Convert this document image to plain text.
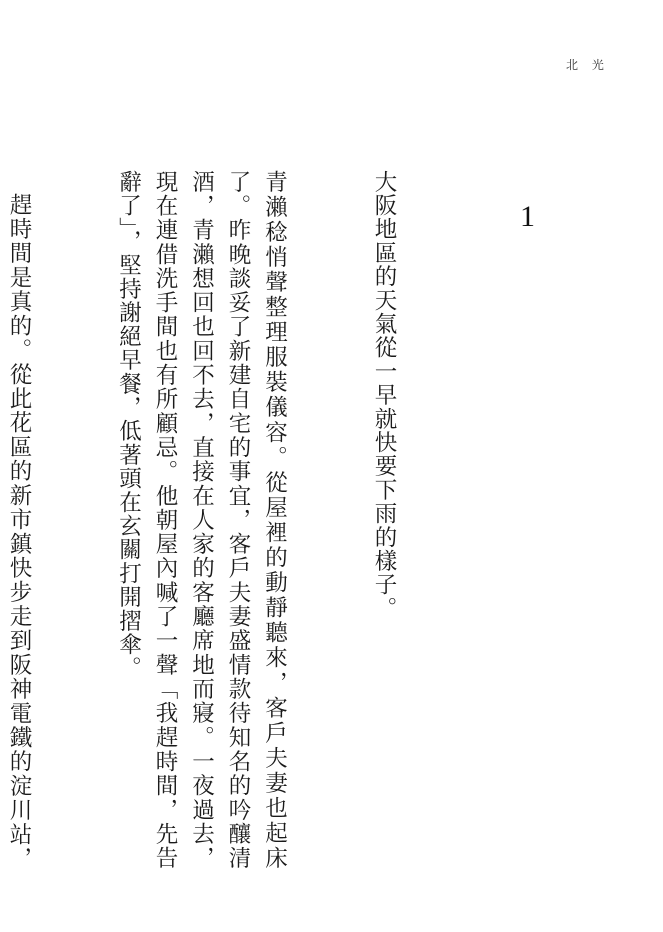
北 光
1

大阪地區的天氣從一早就快要下雨的樣子。

青瀨稔悄聲整理服裝儀容。從屋裡的動靜聽來，客戶夫妻也起床了。昨晚談妥了新建自宅的事宜，客戶夫妻盛情款待知名的吟釀清酒，青瀨想回也回不去，直接在人家的客廳席地而寢。一夜過去，現在連借洗手間也有所顧忌。他朝屋內喊了一聲「我趕時間，先告辭了」，堅持謝絕早餐，低著頭在玄關打開摺傘。

趕時間是真的。從此花區的新市鎮快步走到阪神電鐵的淀川站，
